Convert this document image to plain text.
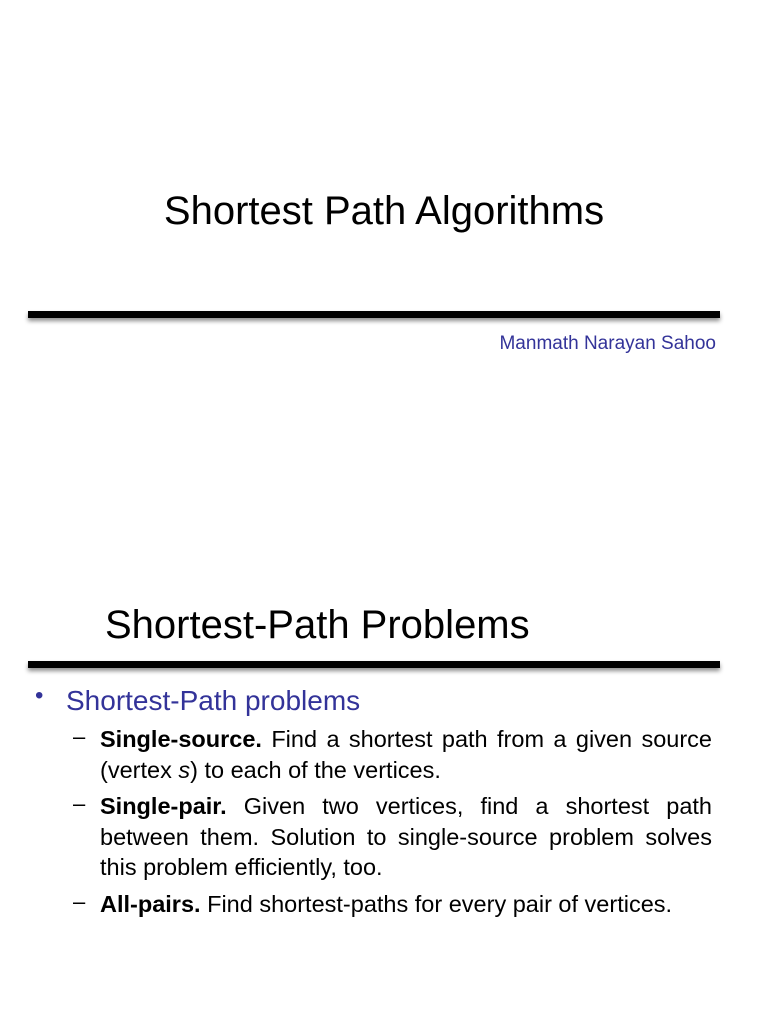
Shortest Path Algorithms
Manmath Narayan Sahoo
Shortest-Path Problems
• Shortest-Path problems
– Single-source. Find a shortest path from a given source (vertex s) to each of the vertices.
– Single-pair. Given two vertices, find a shortest path between them. Solution to single-source problem solves this problem efficiently, too.
– All-pairs. Find shortest-paths for every pair of vertices.
